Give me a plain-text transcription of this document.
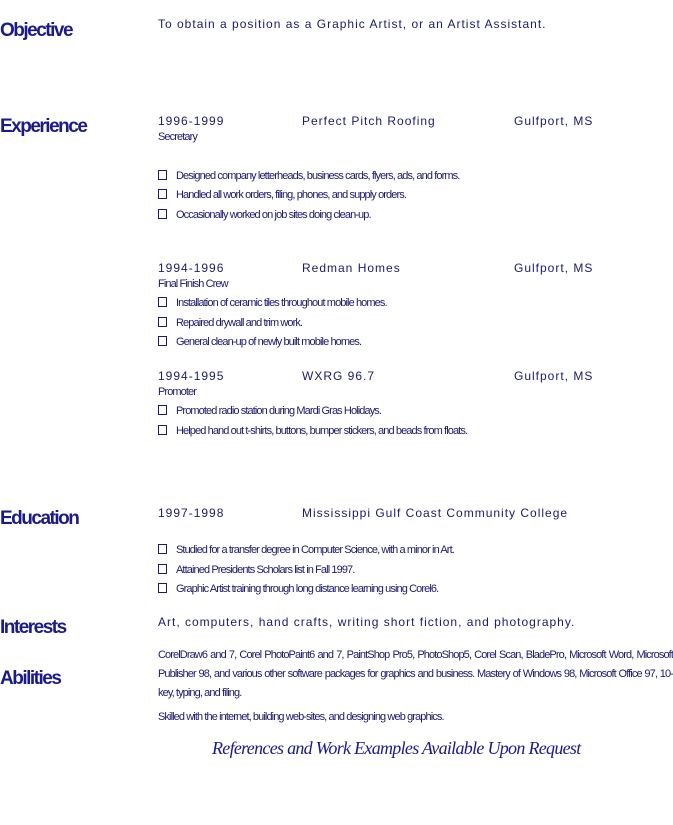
Objective	To obtain a position as a Graphic Artist, or an Artist Assistant.
Experience	1996-1999	Perfect Pitch Roofing	Gulfport, MS
Secretary
Designed company letterheads, business cards, flyers, ads, and forms.
Handled all work orders, filing, phones, and supply orders.
Occasionally worked on job sites doing clean-up.
1994-1996	Redman Homes	Gulfport, MS
Final Finish Crew
Installation of ceramic tiles throughout mobile homes.
Repaired drywall and trim work.
General clean-up of newly built mobile homes.
1994-1995	WXRG 96.7	Gulfport, MS
Promoter
Promoted radio station during Mardi Gras Holidays.
Helped hand out t-shirts, buttons, bumper stickers, and beads from floats.
Education	1997-1998	Mississippi Gulf Coast Community College
Studied for a transfer degree in Computer Science, with a minor in Art.
Attained Presidents Scholars list in Fall 1997.
Graphic Artist training through long distance learning using Corel6.
Interests	Art, computers, hand crafts, writing short fiction, and photography.
Abilities
CorelDraw6 and 7, Corel PhotoPaint6 and 7, PaintShop Pro5, PhotoShop5, Corel Scan, BladePro, Microsoft Word, Microsoft Publisher 98, and various other software packages for graphics and business. Mastery of Windows 98, Microsoft Office 97, 10-key, typing, and filing.
Skilled with the internet, building web-sites, and designing web graphics.
References and Work Examples Available Upon Request
